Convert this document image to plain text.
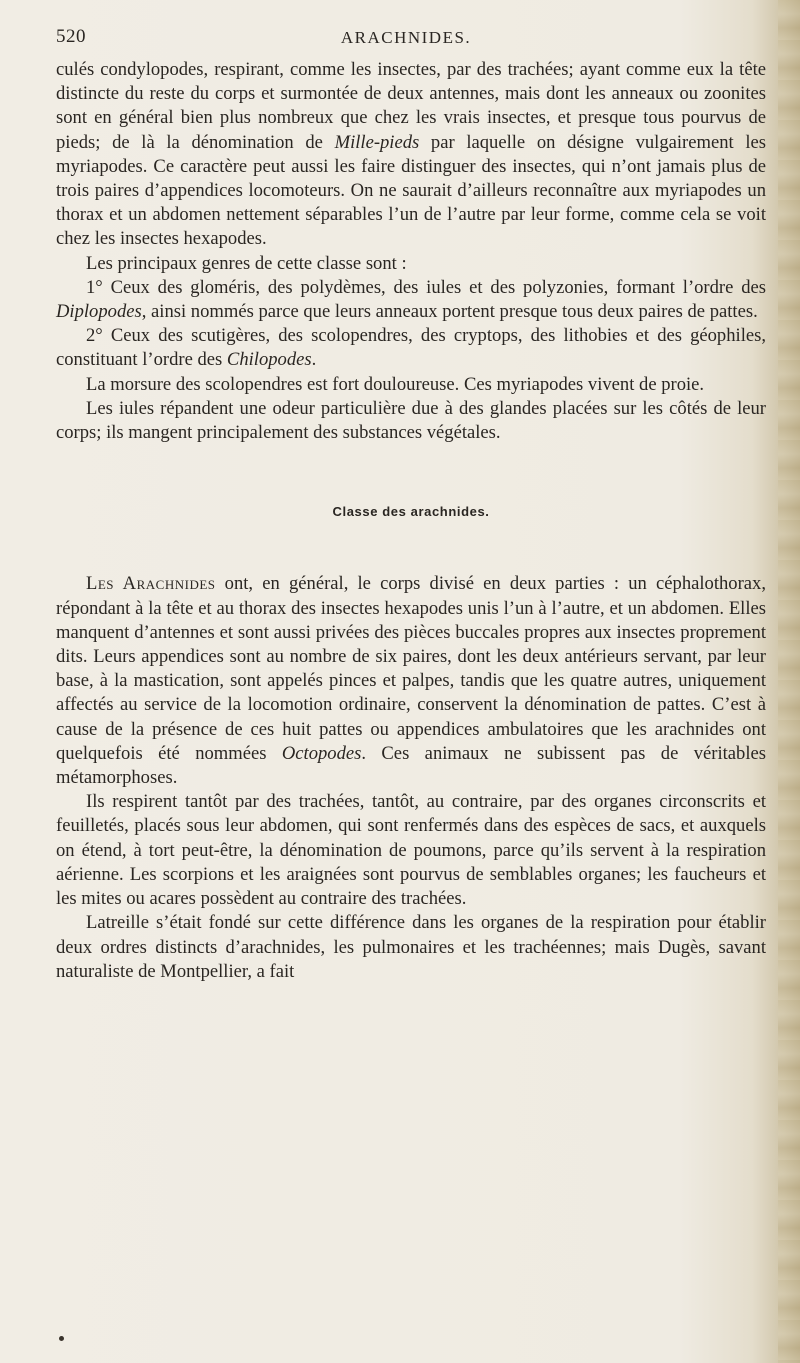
520	ARACHNIDES.

culés condylopodes, respirant, comme les insectes, par des trachées; ayant comme eux la tête distincte du reste du corps et surmontée de deux antennes, mais dont les anneaux ou zoonites sont en général bien plus nombreux que chez les vrais insectes, et presque tous pourvus de pieds; de là la dénomination de Mille-pieds par laquelle on désigne vulgairement les myriapodes. Ce caractère peut aussi les faire distinguer des insectes, qui n’ont jamais plus de trois paires d’appendices locomoteurs. On ne saurait d’ailleurs reconnaître aux myriapodes un thorax et un abdomen nettement séparables l’un de l’autre par leur forme, comme cela se voit chez les insectes hexapodes.

Les principaux genres de cette classe sont :

1° Ceux des gloméris, des polydèmes, des iules et des polyzonies, formant l’ordre des Diplopodes, ainsi nommés parce que leurs anneaux portent presque tous deux paires de pattes.

2° Ceux des scutigères, des scolopendres, des cryptops, des lithobies et des géophiles, constituant l’ordre des Chilopodes.

La morsure des scolopendres est fort douloureuse. Ces myriapodes vivent de proie.

Les iules répandent une odeur particulière due à des glandes placées sur les côtés de leur corps; ils mangent principalement des substances végétales.

Classe des arachnides.

Les Arachnides ont, en général, le corps divisé en deux parties : un céphalothorax, répondant à la tête et au thorax des insectes hexapodes unis l’un à l’autre, et un abdomen. Elles manquent d’antennes et sont aussi privées des pièces buccales propres aux insectes proprement dits. Leurs appendices sont au nombre de six paires, dont les deux antérieurs servant, par leur base, à la mastication, sont appelés pinces et palpes, tandis que les quatre autres, uniquement affectés au service de la locomotion ordinaire, conservent la dénomination de pattes. C’est à cause de la présence de ces huit pattes ou appendices ambulatoires que les arachnides ont quelquefois été nommées Octopodes. Ces animaux ne subissent pas de véritables métamorphoses.

Ils respirent tantôt par des trachées, tantôt, au contraire, par des organes circonscrits et feuilletés, placés sous leur abdomen, qui sont renfermés dans des espèces de sacs, et auxquels on étend, à tort peut-être, la dénomination de poumons, parce qu’ils servent à la respiration aérienne. Les scorpions et les araignées sont pourvus de semblables organes; les faucheurs et les mites ou acares possèdent au contraire des trachées.

Latreille s’était fondé sur cette différence dans les organes de la respiration pour établir deux ordres distincts d’arachnides, les pulmonaires et les trachéennes; mais Dugès, savant naturaliste de Montpellier, a fait
